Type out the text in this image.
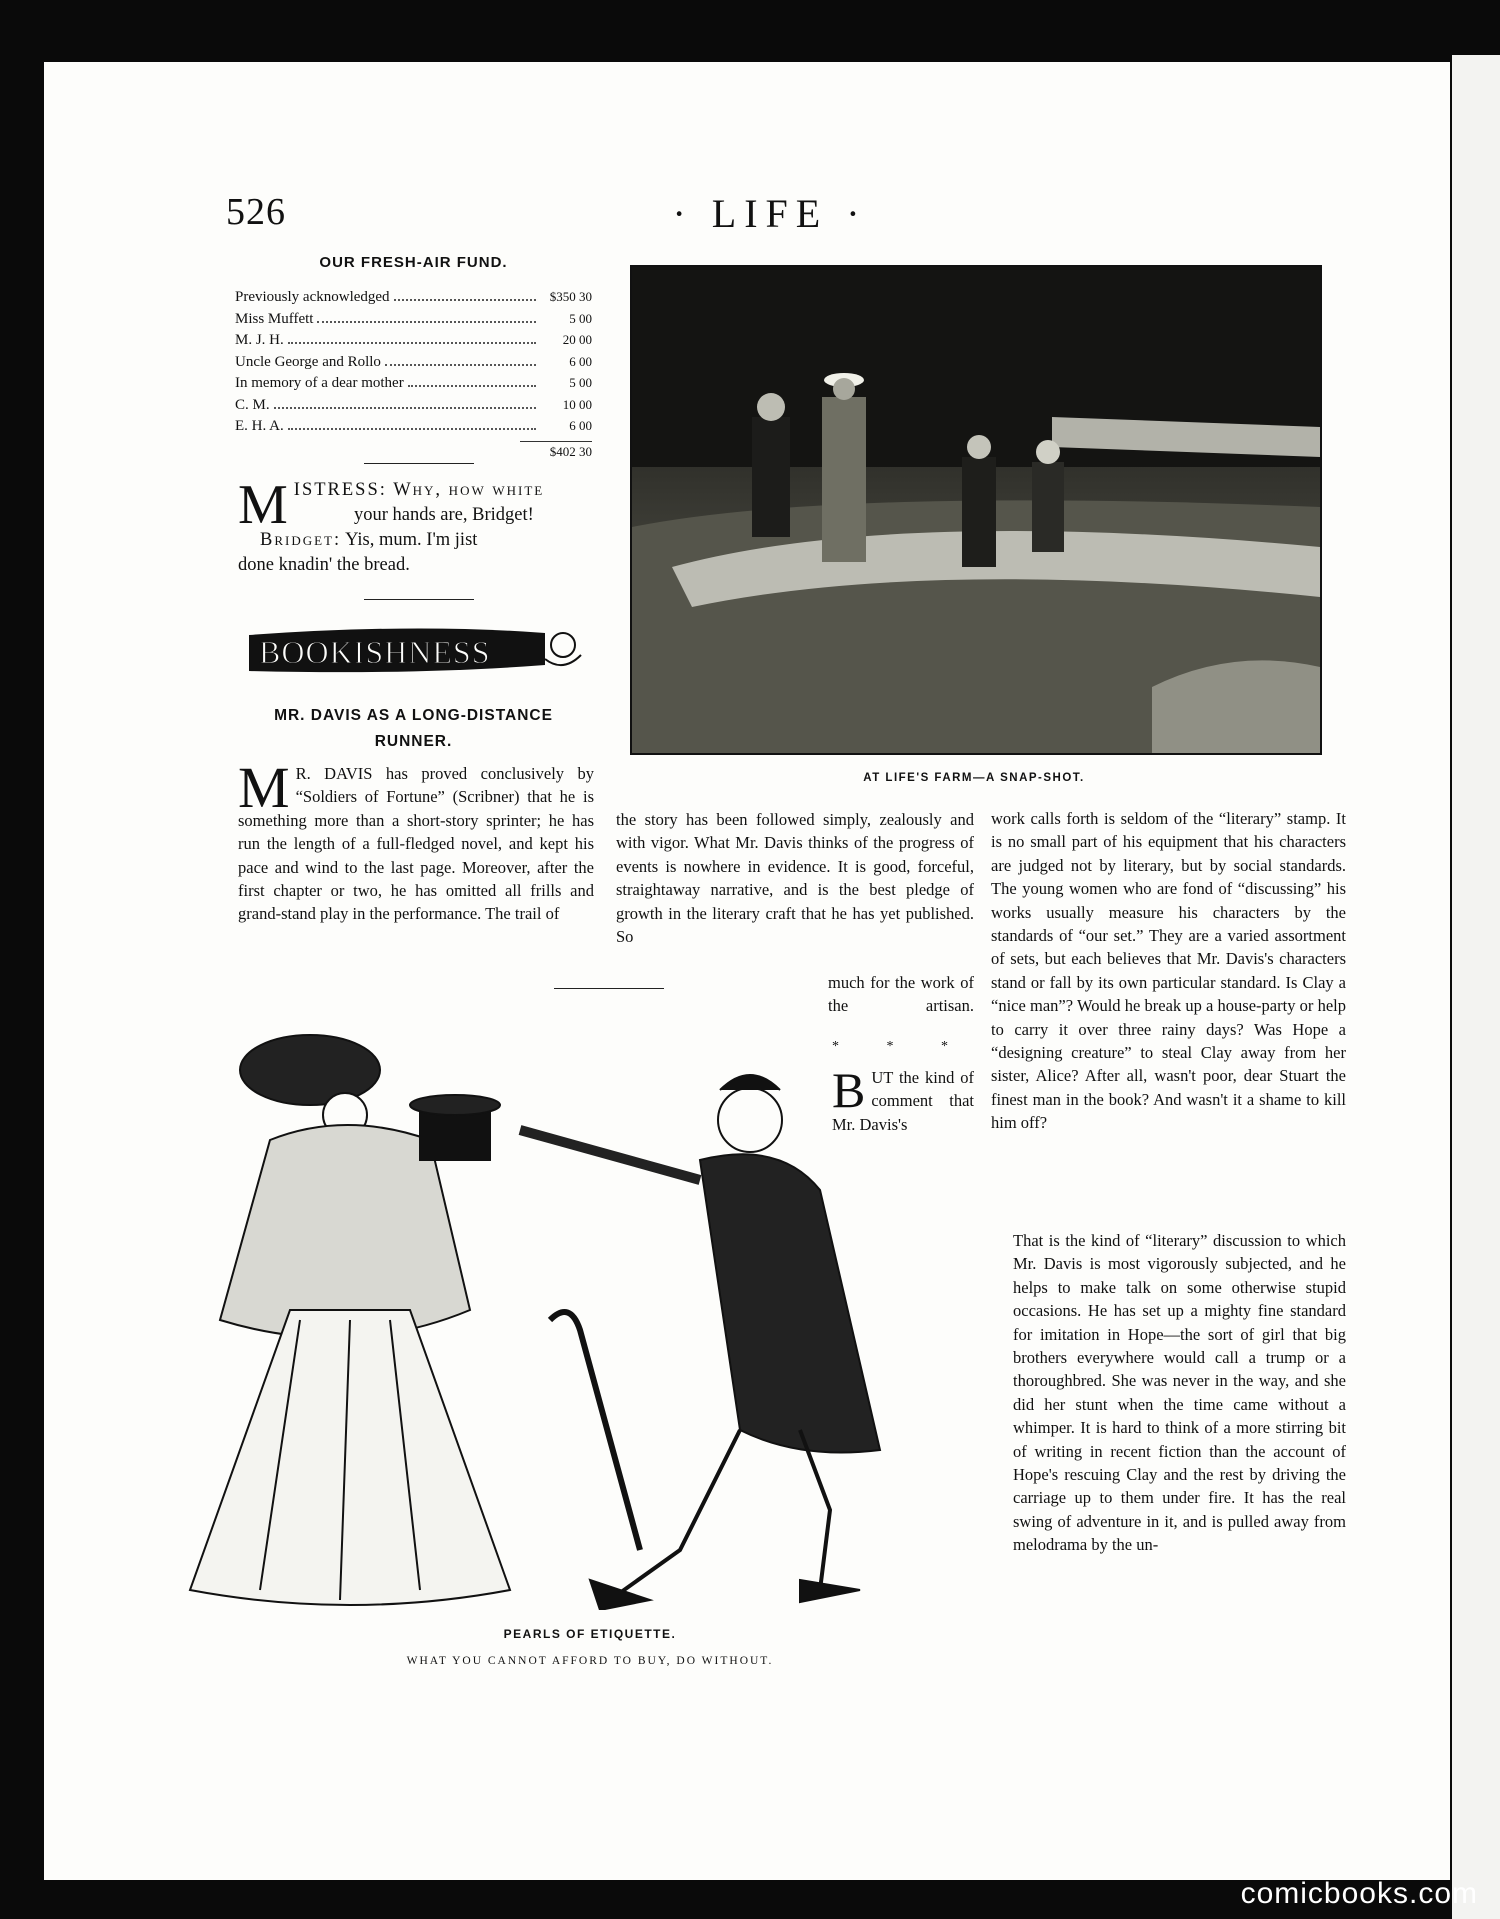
526	· LIFE ·
OUR FRESH-AIR FUND.
Previously acknowledged	$350 30
Miss Muffett	5 00
M. J. H.	20 00
Uncle George and Rollo	6 00
In memory of a dear mother	5 00
C. M.	10 00
E. H. A.	6 00
$402 30
M ISTRESS: Why, how white
your hands are, Bridget!
Bridget: Yis, mum. I'm jist
done knadin' the bread.
BOOKISHNESS
MR. DAVIS AS A LONG-DISTANCE
RUNNER.
M R. DAVIS has proved conclusively by “Soldiers of Fortune” (Scribner) that he is something more than a short-story sprinter; he has run the length of a full-fledged novel, and kept his pace and wind to the last page. Moreover, after the first chapter or two, he has omitted all frills and grand-stand play in the performance. The trail of
AT LIFE'S FARM—A SNAP-SHOT.

the story has been followed simply, zealously and with vigor. What Mr. Davis thinks of the progress of events is nowhere in evidence. It is good, forceful, straightaway narrative, and is the best pledge of growth in the literary craft that he has yet published. So

much for the work of the artisan.
* * *
BUT the kind of comment that Mr. Davis's

work calls forth is seldom of the “literary” stamp. It is no small part of his equipment that his characters are judged not by literary, but by social standards. The young women who are fond of “discussing” his works usually measure his characters by the standards of “our set.” They are a varied assortment of sets, but each believes that Mr. Davis's characters stand or fall by its own particular standard. Is Clay a “nice man”? Would he break up a house-party or help to carry it over three rainy days? Was Hope a “designing creature” to steal Clay away from her sister, Alice? After all, wasn't poor, dear Stuart the finest man in the book? And wasn't it a shame to kill him off?

That is the kind of “literary” discussion to which Mr. Davis is most vigorously subjected, and he helps to make talk on some otherwise stupid occasions. He has set up a mighty fine standard for imitation in Hope—the sort of girl that big brothers everywhere would call a trump or a thoroughbred. She was never in the way, and she did her stunt when the time came without a whimper. It is hard to think of a more stirring bit of writing in recent fiction than the account of Hope's rescuing Clay and the rest by driving the carriage up to them under fire. It has the real swing of adventure in it, and is pulled away from melodrama by the un-

PEARLS OF ETIQUETTE.
WHAT YOU CANNOT AFFORD TO BUY, DO WITHOUT.
comicbooks.com
